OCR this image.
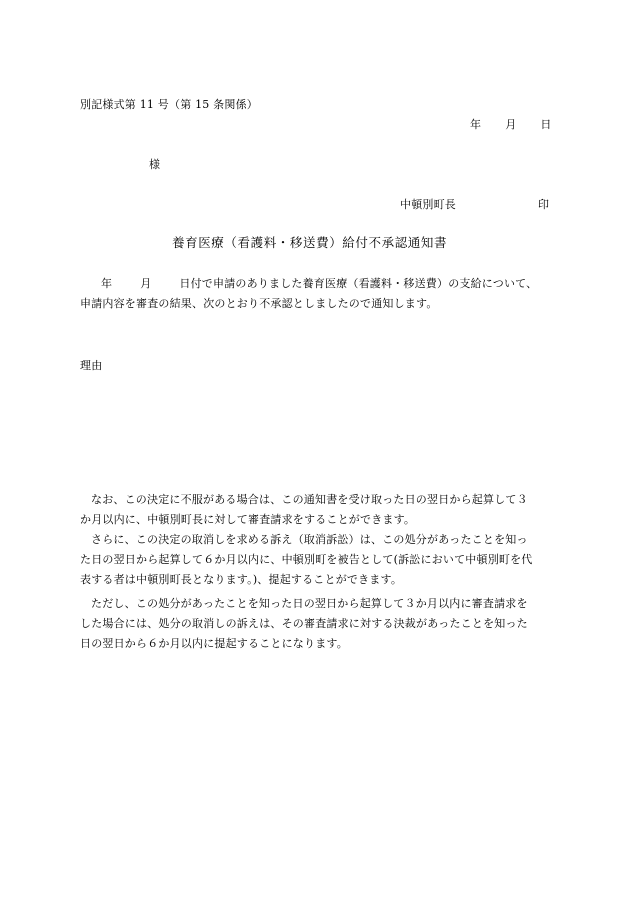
別記様式第 11 号（第 15 条関係）
年 月 日
様
中頓別町長	印
養育医療（看護料・移送費）給付不承認通知書
年	月	日付で申請のありました養育医療（看護料・移送費）の支給について、
申請内容を審査の結果、次のとおり不承認としましたので通知します。
理由
なお、この決定に不服がある場合は、この通知書を受け取った日の翌日から起算して３
か月以内に、中頓別町長に対して審査請求をすることができます。
さらに、この決定の取消しを求める訴え（取消訴訟）は、この処分があったことを知っ
た日の翌日から起算して６か月以内に、中頓別町を被告として(訴訟において中頓別町を代
表する者は中頓別町長となります。)、提起することができます。
ただし、この処分があったことを知った日の翌日から起算して３か月以内に審査請求を
した場合には、処分の取消しの訴えは、その審査請求に対する決裁があったことを知った
日の翌日から６か月以内に提起することになります。
